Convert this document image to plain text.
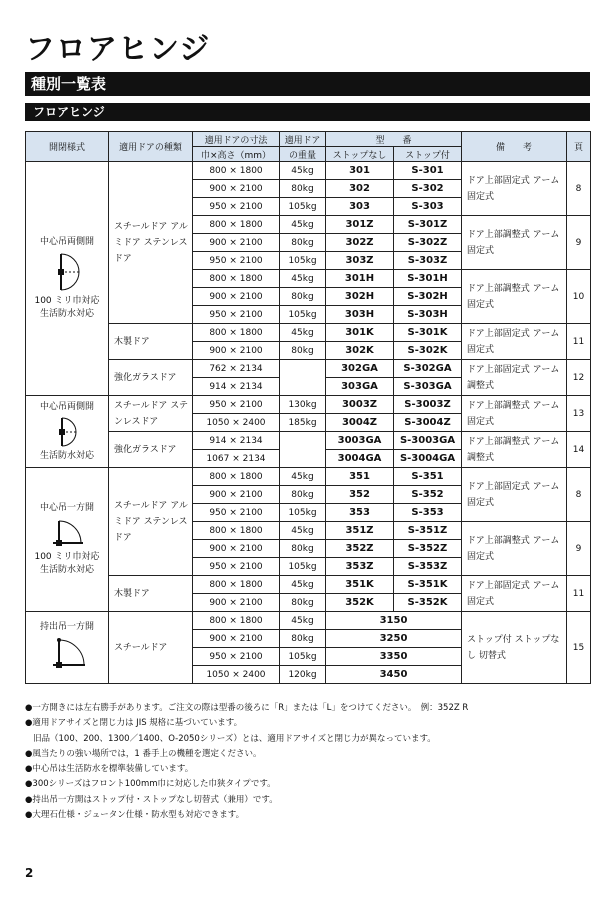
フロアヒンジ
種別一覧表
フロアヒンジ
開閉様式	適用ドアの種類	適用ドアの寸法	適用ドア	型　　番		備　　考	頁
		巾×高さ（mm）	の重量	ストップなし	ストップ付		
中心吊両側開
100 ミリ巾対応
生活防水対応	スチールドア アルミドア ステンレスドア	800 × 1800	45kg	301	S-301	ドア上部固定式 アーム固定式	8
		900 × 2100	80kg	302	S-302		
		950 × 2100	105kg	303	S-303		
		800 × 1800	45kg	301Z	S-301Z	ドア上部調整式 アーム固定式	9
		900 × 2100	80kg	302Z	S-302Z		
		950 × 2100	105kg	303Z	S-303Z		
		800 × 1800	45kg	301H	S-301H	ドア上部調整式 アーム固定式	10
		900 × 2100	80kg	302H	S-302H		
		950 × 2100	105kg	303H	S-303H		
	木製ドア	800 × 1800	45kg	301K	S-301K	ドア上部固定式 アーム固定式	11
		900 × 2100	80kg	302K	S-302K		
	強化ガラスドア	762 × 2134		302GA	S-302GA	ドア上部固定式 アーム調整式	12
		914 × 2134		303GA	S-303GA		
中心吊両側開
生活防水対応	スチールドア ステンレスドア	950 × 2100	130kg	3003Z	S-3003Z	ドア上部調整式 アーム固定式	13
		1050 × 2400	185kg	3004Z	S-3004Z		
	強化ガラスドア	914 × 2134		3003GA	S-3003GA	ドア上部調整式 アーム調整式	14
		1067 × 2134		3004GA	S-3004GA		
中心吊一方開
100 ミリ巾対応
生活防水対応	スチールドア アルミドア ステンレスドア	800 × 1800	45kg	351	S-351	ドア上部固定式 アーム固定式	8
		900 × 2100	80kg	352	S-352		
		950 × 2100	105kg	353	S-353		
		800 × 1800	45kg	351Z	S-351Z	ドア上部調整式 アーム固定式	9
		900 × 2100	80kg	352Z	S-352Z		
		950 × 2100	105kg	353Z	S-353Z		
	木製ドア	800 × 1800	45kg	351K	S-351K	ドア上部固定式 アーム固定式	11
		900 × 2100	80kg	352K	S-352K		
持出吊一方開	スチールドア	800 × 1800	45kg	3150		ストップ付 ストップなし 切替式	15
		900 × 2100	80kg	3250			
		950 × 2100	105kg	3350			
		1050 × 2400	120kg	3450			
●一方開きには左右勝手があります。ご注文の際は型番の後ろに「R」または「L」をつけてください。　例：352Z R
●適用ドアサイズと閉じ力は JIS 規格に基づいています。
旧品（100、200、1300／1400、O-2050シリーズ）とは、適用ドアサイズと閉じ力が異なっています。
●風当たりの強い場所では，1 番手上の機種を選定ください。
●中心吊は生活防水を標準装備しています。
●300シリーズはフロント100mm巾に対応した巾狭タイプです。
●持出吊一方開はストップ付・ストップなし切替式（兼用）です。
●大理石仕様・ジュータン仕様・防水型も対応できます。
2
